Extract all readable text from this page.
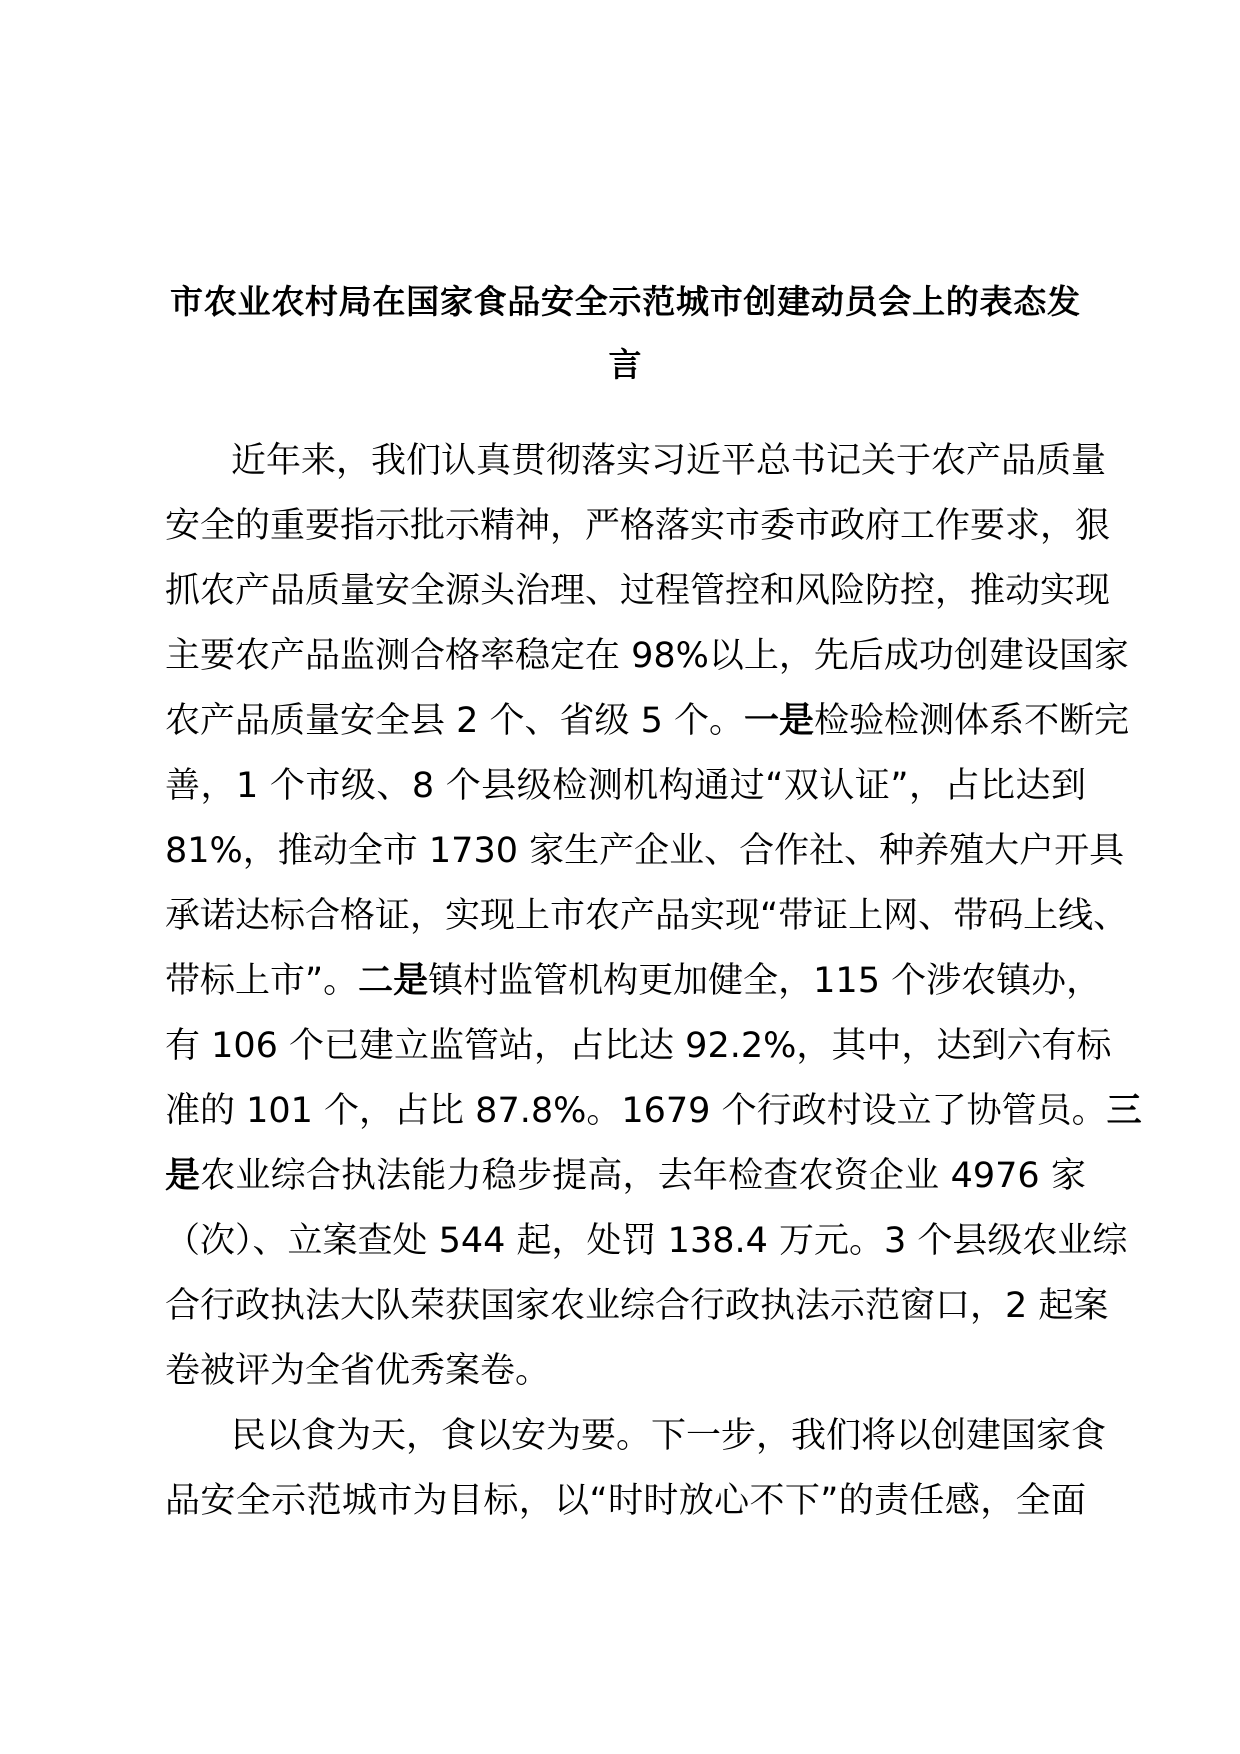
市农业农村局在国家食品安全示范城市创建动员会上的表态发
言
近年来，我们认真贯彻落实习近平总书记关于农产品质量
安全的重要指示批示精神，严格落实市委市政府工作要求，狠
抓农产品质量安全源头治理、过程管控和风险防控，推动实现
主要农产品监测合格率稳定在 98%以上，先后成功创建设国家
农产品质量安全县 2 个、省级 5 个。一是检验检测体系不断完
善，1 个市级、8 个县级检测机构通过“双认证”，占比达到
81%，推动全市 1730 家生产企业、合作社、种养殖大户开具
承诺达标合格证，实现上市农产品实现“带证上网、带码上线、
带标上市”。二是镇村监管机构更加健全，115 个涉农镇办，
有 106 个已建立监管站，占比达 92.2%，其中，达到六有标
准的 101 个，占比 87.8%。1679 个行政村设立了协管员。三
是农业综合执法能力稳步提高，去年检查农资企业 4976 家
（次）、立案查处 544 起，处罚 138.4 万元。3 个县级农业综
合行政执法大队荣获国家农业综合行政执法示范窗口，2 起案
卷被评为全省优秀案卷。
民以食为天，食以安为要。下一步，我们将以创建国家食
品安全示范城市为目标，以“时时放心不下”的责任感，全面
